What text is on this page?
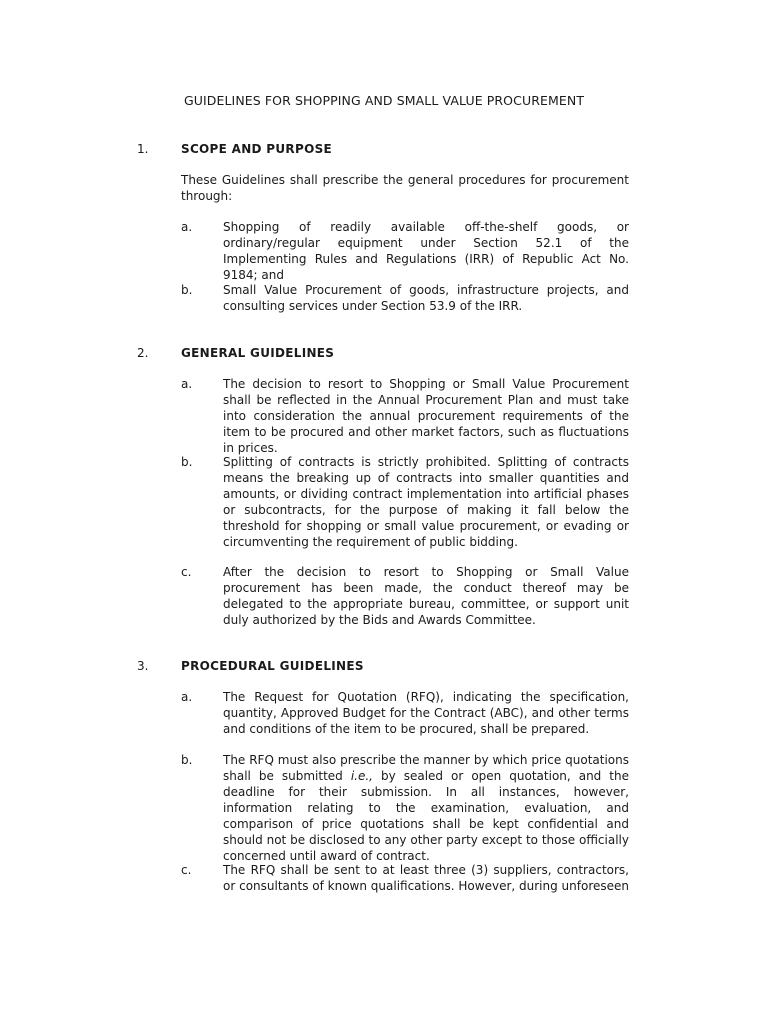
GUIDELINES FOR SHOPPING AND SMALL VALUE PROCUREMENT
1.	SCOPE AND PURPOSE
These Guidelines shall prescribe the general procedures for procurement through:
a.	Shopping of readily available off-the-shelf goods, or ordinary/regular equipment under Section 52.1 of the Implementing Rules and Regulations (IRR) of Republic Act No. 9184; and
b.	Small Value Procurement of goods, infrastructure projects, and consulting services under Section 53.9 of the IRR.
2.	GENERAL GUIDELINES
a.	The decision to resort to Shopping or Small Value Procurement shall be reflected in the Annual Procurement Plan and must take into consideration the annual procurement requirements of the item to be procured and other market factors, such as fluctuations in prices.
b.	Splitting of contracts is strictly prohibited. Splitting of contracts means the breaking up of contracts into smaller quantities and amounts, or dividing contract implementation into artificial phases or subcontracts, for the purpose of making it fall below the threshold for shopping or small value procurement, or evading or circumventing the requirement of public bidding.
c.	After the decision to resort to Shopping or Small Value procurement has been made, the conduct thereof may be delegated to the appropriate bureau, committee, or support unit duly authorized by the Bids and Awards Committee.
3.	PROCEDURAL GUIDELINES
a.	The Request for Quotation (RFQ), indicating the specification, quantity, Approved Budget for the Contract (ABC), and other terms and conditions of the item to be procured, shall be prepared.
b.	The RFQ must also prescribe the manner by which price quotations shall be submitted i.e., by sealed or open quotation, and the deadline for their submission. In all instances, however, information relating to the examination, evaluation, and comparison of price quotations shall be kept confidential and should not be disclosed to any other party except to those officially concerned until award of contract.
c.	The RFQ shall be sent to at least three (3) suppliers, contractors, or consultants of known qualifications. However, during unforeseen
